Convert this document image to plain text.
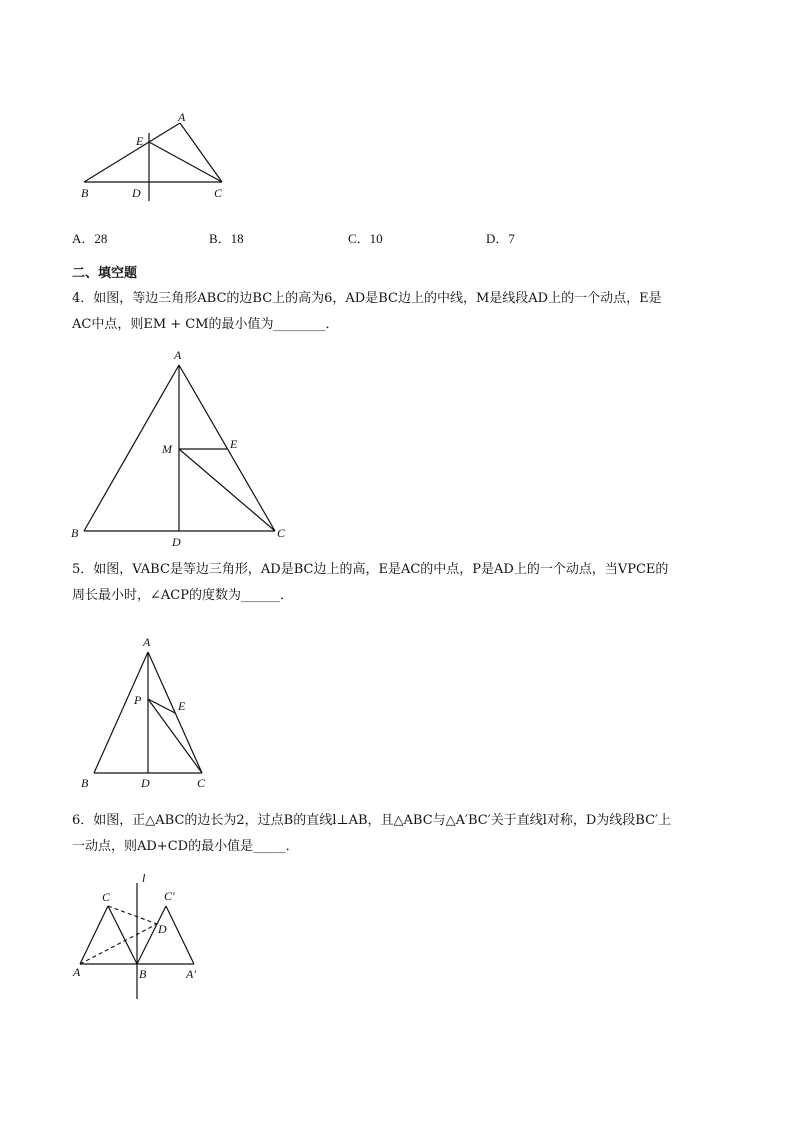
A
E
B	D	C
A．28	B．18	C．10	D．7
二、填空题
4．如图，等边三角形ABC的边BC上的高为6，AD是BC边上的中线，M是线段AD上的一个动点，E是
AC中点，则EM + CM的最小值为________．
A
M	E
B
D
C
5．如图，VABC是等边三角形，AD是BC边上的高，E是AC的中点，P是AD上的一个动点，当VPCE的
周长最小时，∠ACP的度数为______．
A
P	E
B	D	C
6．如图，正△ABC的边长为2，过点B的直线l⊥AB，且△ABC与△A′BC′关于直线l对称，D为线段BC′上
一动点，则AD+CD的最小值是_____．
l
C	C′
D
A	B	A′
